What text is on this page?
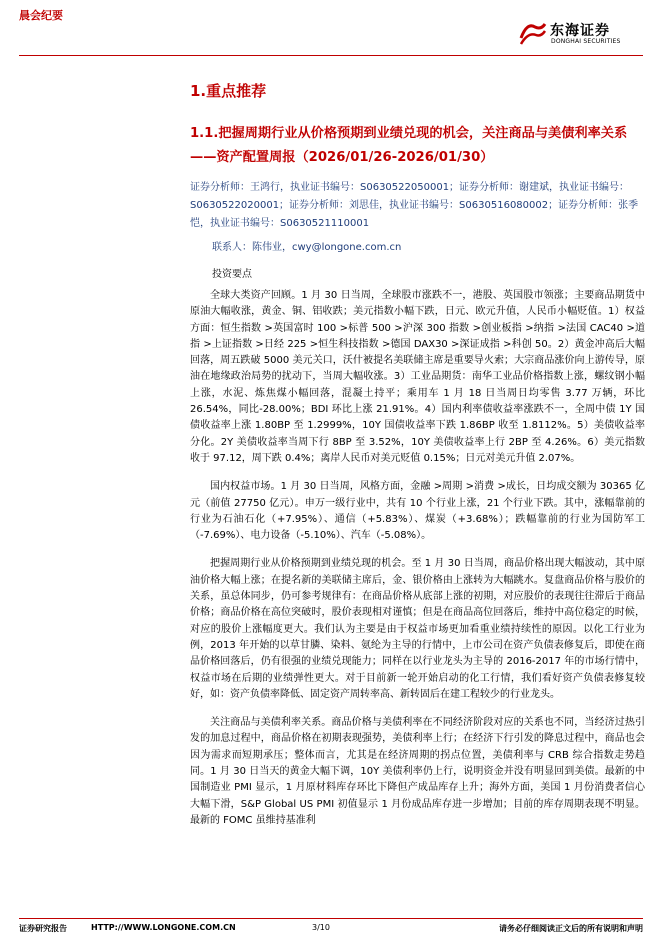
晨会纪要
东海证券
DONGHAI SECURITIES
1.重点推荐
1.1.把握周期行业从价格预期到业绩兑现的机会，关注商品与美债利率关系——资产配置周报（2026/01/26-2026/01/30）
证券分析师：王鸿行，执业证书编号：S0630522050001；证券分析师：谢建斌，执业证书编号：S0630522020001；证券分析师：刘思佳，执业证书编号：S0630516080002；证券分析师：张季恺，执业证书编号：S0630521110001
联系人：陈伟业，cwy@longone.com.cn
投资要点

全球大类资产回顾。1 月 30 日当周，全球股市涨跌不一，港股、英国股市领涨；主要商品期货中原油大幅收涨，黄金、铜、铝收跌；美元指数小幅下跌，日元、欧元升值，人民币小幅贬值。1）权益方面：恒生指数 >英国富时 100 >标普 500 >沪深 300 指数 >创业板指 >纳指 >法国 CAC40 >道指 >上证指数 >日经 225 >恒生科技指数 >德国 DAX30 >深证成指 >科创 50。2）黄金冲高后大幅回落，周五跌破 5000 美元关口，沃什被提名美联储主席是重要导火索；大宗商品涨价向上游传导，原油在地缘政治局势的扰动下，当周大幅收涨。3）工业品期货：南华工业品价格指数上涨，螺纹钢小幅上涨，水泥、炼焦煤小幅回落，混凝土持平；乘用车 1 月 18 日当周日均零售 3.77 万辆，环比 26.54%，同比-28.00%；BDI 环比上涨 21.91%。4）国内利率债收益率涨跌不一，全周中债 1Y 国债收益率上涨 1.80BP 至 1.2999%，10Y 国债收益率下跌 1.86BP 收至 1.8112%。5）美债收益率分化。2Y 美债收益率当周下行 8BP 至 3.52%，10Y 美债收益率上行 2BP 至 4.26%。6）美元指数收于 97.12，周下跌 0.4%；离岸人民币对美元贬值 0.15%；日元对美元升值 2.07%。

国内权益市场。1 月 30 日当周，风格方面，金融 >周期 >消费 >成长，日均成交额为 30365 亿元（前值 27750 亿元）。申万一级行业中，共有 10 个行业上涨，21 个行业下跌。其中，涨幅靠前的行业为石油石化（+7.95%）、通信（+5.83%）、煤炭（+3.68%）；跌幅靠前的行业为国防军工（-7.69%）、电力设备（-5.10%）、汽车（-5.08%）。

把握周期行业从价格预期到业绩兑现的机会。至 1 月 30 日当周，商品价格出现大幅波动，其中原油价格大幅上涨；在提名新的美联储主席后，金、银价格由上涨转为大幅跳水。复盘商品价格与股价的关系，虽总体同步，仍可参考规律有：在商品价格从底部上涨的初期，对应股价的表现往往滞后于商品价格；商品价格在高位突破时，股价表现相对谨慎；但是在商品高位回落后，维持中高位稳定的时候，对应的股价上涨幅度更大。我们认为主要是由于权益市场更加看重业绩持续性的原因。以化工行业为例，2013 年开始的以草甘膦、染料、氨纶为主导的行情中，上市公司在资产负债表修复后，即使在商品价格回落后，仍有很强的业绩兑现能力；同样在以行业龙头为主导的 2016-2017 年的市场行情中，权益市场在后期的业绩弹性更大。对于目前新一轮开始启动的化工行情，我们看好资产负债表修复较好，如：资产负债率降低、固定资产周转率高、新转固后在建工程较少的行业龙头。

关注商品与美债利率关系。商品价格与美债利率在不同经济阶段对应的关系也不同，当经济过热引发的加息过程中，商品价格在初期表现强势，美债利率上行；在经济下行引发的降息过程中，商品也会因为需求而短期承压；整体而言，尤其是在经济周期的拐点位置，美债利率与 CRB 综合指数走势趋同。1 月 30 日当天的黄金大幅下调，10Y 美债利率仍上行，说明资金并没有明显回到美债。最新的中国制造业 PMI 显示，1 月原材料库存环比下降但产成品库存上升；海外方面，美国 1 月份消费者信心大幅下滑，S&P Global US PMI 初值显示 1 月份成品库存进一步增加；目前的库存周期表现不明显。最新的 FOMC 虽维持基准利

证券研究报告	HTTP://WWW.LONGONE.COM.CN	3/10	请务必仔细阅读正文后的所有说明和声明
